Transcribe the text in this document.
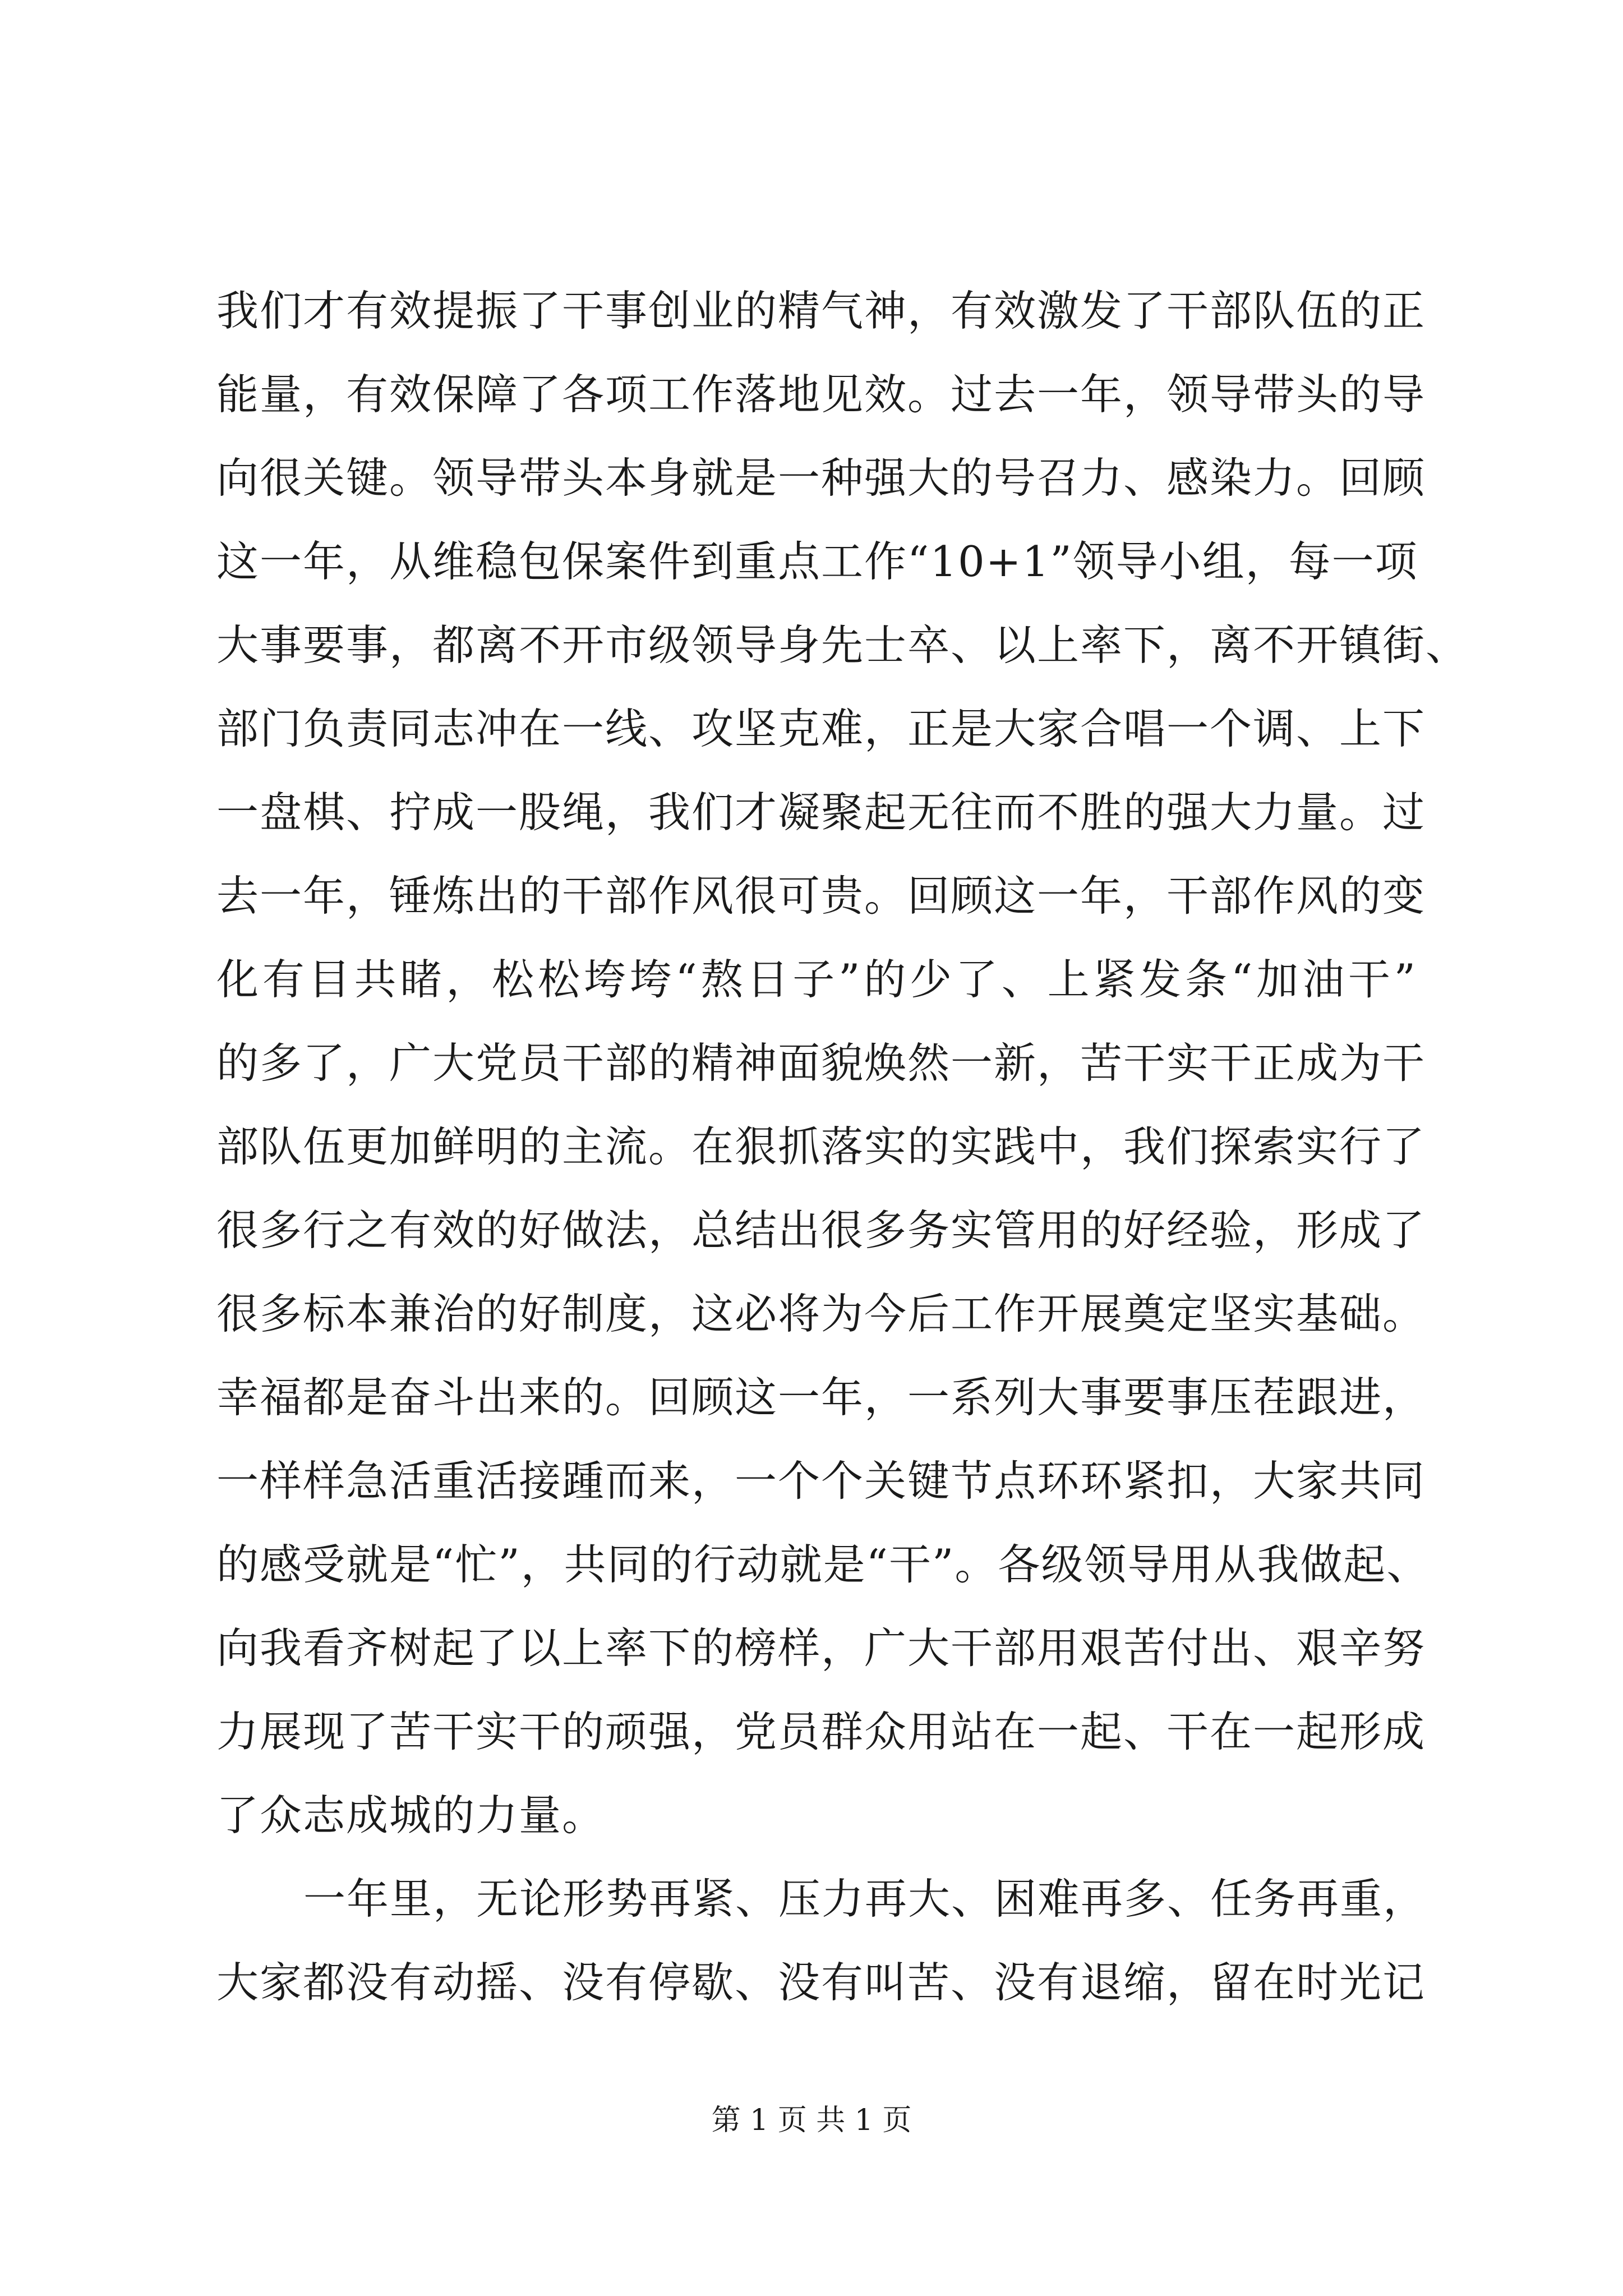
我们才有效提振了干事创业的精气神，有效激发了干部队伍的正
能量，有效保障了各项工作落地见效。过去一年，领导带头的导
向很关键。领导带头本身就是一种强大的号召力、感染力。回顾
这一年，从维稳包保案件到重点工作“10+1”领导小组，每一项
大事要事，都离不开市级领导身先士卒、以上率下，离不开镇街、
部门负责同志冲在一线、攻坚克难，正是大家合唱一个调、上下
一盘棋、拧成一股绳，我们才凝聚起无往而不胜的强大力量。过
去一年，锤炼出的干部作风很可贵。回顾这一年，干部作风的变
化有目共睹，松松垮垮“熬日子”的少了、上紧发条“加油干”
的多了，广大党员干部的精神面貌焕然一新，苦干实干正成为干
部队伍更加鲜明的主流。在狠抓落实的实践中，我们探索实行了
很多行之有效的好做法，总结出很多务实管用的好经验，形成了
很多标本兼治的好制度，这必将为今后工作开展奠定坚实基础。
幸福都是奋斗出来的。回顾这一年，一系列大事要事压茬跟进，
一样样急活重活接踵而来，一个个关键节点环环紧扣，大家共同
的感受就是“忙”，共同的行动就是“干”。各级领导用从我做起、
向我看齐树起了以上率下的榜样，广大干部用艰苦付出、艰辛努
力展现了苦干实干的顽强，党员群众用站在一起、干在一起形成
了众志成城的力量。
一年里，无论形势再紧、压力再大、困难再多、任务再重，
大家都没有动摇、没有停歇、没有叫苦、没有退缩，留在时光记
第 1 页 共 1 页
